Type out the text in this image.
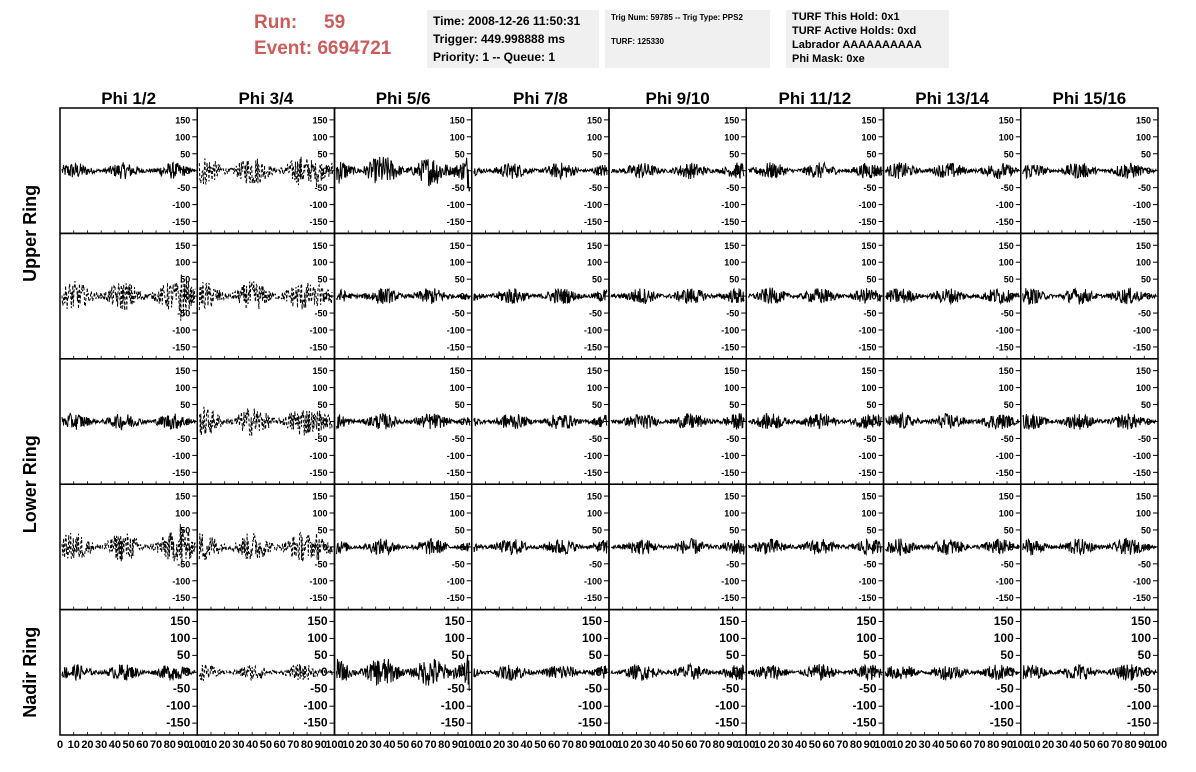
Run: 59
Event: 6694721
Time: 2008-12-26 11:50:31
Trigger: 449.998888 ms
Priority: 1 -- Queue: 1
Trig Num: 59785 -- Trig Type: PPS2
TURF: 125330
TURF This Hold: 0x1
TURF Active Holds: 0xd
Labrador AAAAAAAAAA
Phi Mask: 0xe
Phi 1/2	Phi 3/4	Phi 5/6	Phi 7/8	Phi 9/10	Phi 11/12	Phi 13/14	Phi 15/16
Upper Ring
Lower Ring
Nadir Ring
-150
-100
-50
0
50
100
150
-150
-100
-50
0
50
100
150
-150
-100
-50
0
50
100
150
-150
-100
-50
0
50
100
150
-150
-100
-50
0
50
100
150
-150
-100
-50
0
50
100
150
-150
-100
-50
0
50
100
150
-150
-100
-50
0
50
100
150
-150
-100
-50
0
50
100
150
-150
-100
-50
0
50
100
150
-150
-100
-50
0
50
100
150
-150
-100
-50
0
50
100
150
-150
-100
-50
0
50
100
150
-150
-100
-50
0
50
100
150
-150
-100
-50
0
50
100
150
-150
-100
-50
0
50
100
150
-150
-100
-50
0
50
100
150
-150
-100
-50
0
50
100
150
-150
-100
-50
0
50
100
150
-150
-100
-50
0
50
100
150
-150
-100
-50
0
50
100
150
-150
-100
-50
0
50
100
150
-150
-100
-50
0
50
100
150
-150
-100
-50
0
50
100
150
-150
-100
-50
0
50
100
150
-150
-100
-50
0
50
100
150
-150
-100
-50
0
50
100
150
-150
-100
-50
0
50
100
150
-150
-100
-50
0
50
100
150
-150
-100
-50
0
50
100
150
-150
-100
-50
0
50
100
150
-150
-100
-50
0
50
100
150
-150
-100
-50
0
50
100
150
-150
-100
-50
0
50
100
150
-150
-100
-50
0
50
100
150
-150
-100
-50
0
50
100
150
-150
-100
-50
0
50
100
150
-150
-100
-50
0
50
100
150
-150
-100
-50
0
50
100
150
-150
-100
-50
0
50
100
150
0 10 20 30 40 50 60 70 80 90
100
10 20 30 40 50 60 70 80 90
100
10 20 30 40 50 60 70 80 90
100
10 20 30 40 50 60 70 80 90
100
10 20 30 40 50 60 70 80 90
100
10 20 30 40 50 60 70 80 90
100
10 20 30 40 50 60 70 80 90
100
10 20 30 40 50 60 70 80 90
100
